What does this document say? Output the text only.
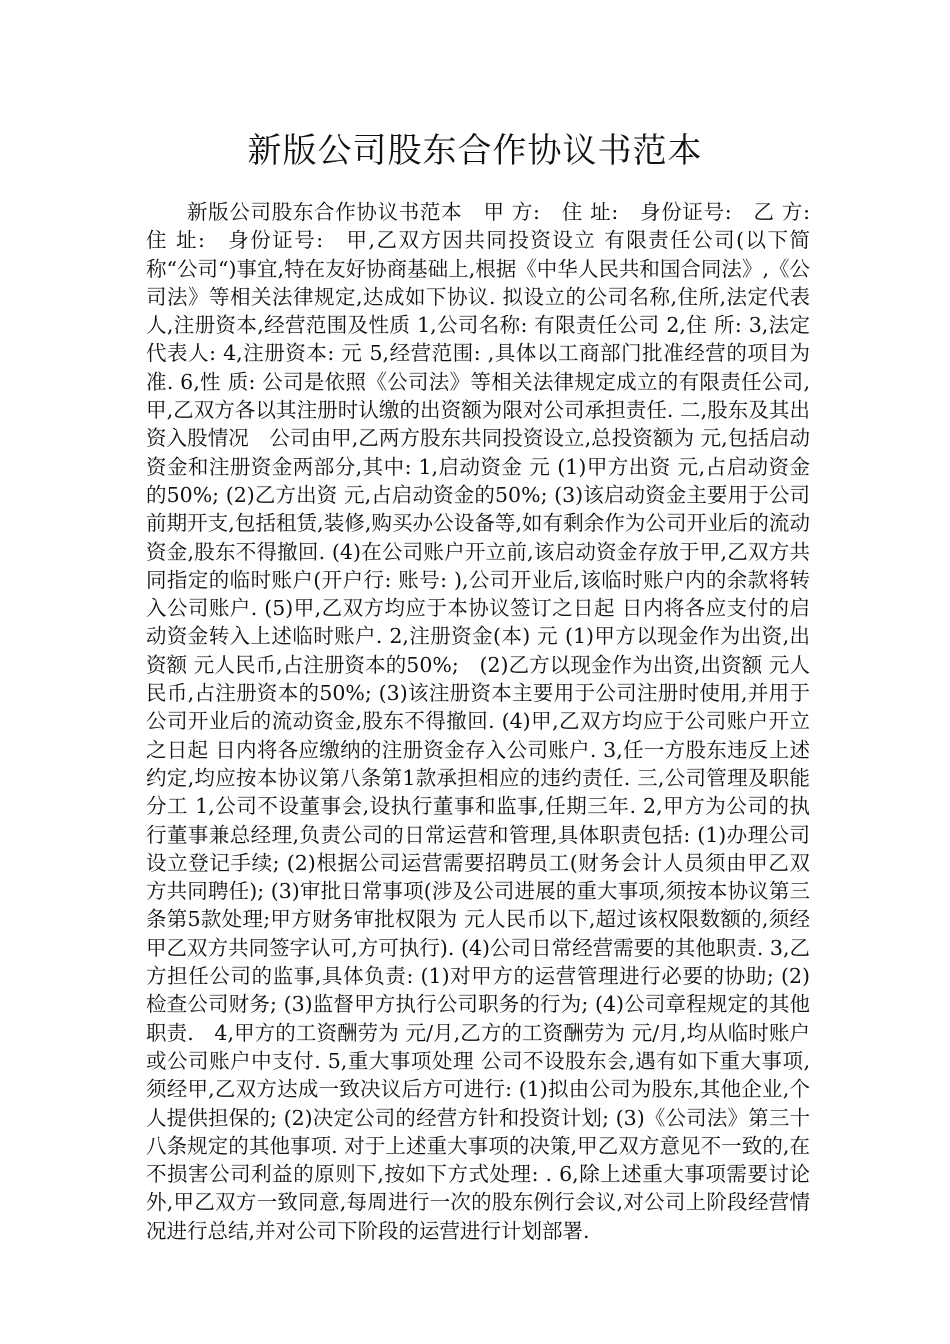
新版公司股东合作协议书范本

新版公司股东合作协议书范本　甲 方:　住 址:　身份证号:　乙 方:　住 址:　身份证号:　甲,乙双方因共同投资设立 有限责任公司(以下简称“公司“)事宜,特在友好协商基础上,根据《中华人民共和国合同法》,《公司法》等相关法律规定,达成如下协议. 拟设立的公司名称,住所,法定代表人,注册资本,经营范围及性质 1,公司名称: 有限责任公司 2,住 所: 3,法定代表人: 4,注册资本: 元 5,经营范围: ,具体以工商部门批准经营的项目为准. 6,性 质: 公司是依照《公司法》等相关法律规定成立的有限责任公司,甲,乙双方各以其注册时认缴的出资额为限对公司承担责任. 二,股东及其出资入股情况　公司由甲,乙两方股东共同投资设立,总投资额为 元,包括启动资金和注册资金两部分,其中: 1,启动资金 元 (1)甲方出资 元,占启动资金的50%; (2)乙方出资 元,占启动资金的50%; (3)该启动资金主要用于公司前期开支,包括租赁,装修,购买办公设备等,如有剩余作为公司开业后的流动资金,股东不得撤回. (4)在公司账户开立前,该启动资金存放于甲,乙双方共同指定的临时账户(开户行: 账号: ),公司开业后,该临时账户内的余款将转入公司账户. (5)甲,乙双方均应于本协议签订之日起 日内将各应支付的启动资金转入上述临时账户. 2,注册资金(本) 元 (1)甲方以现金作为出资,出资额 元人民币,占注册资本的50%;　(2)乙方以现金作为出资,出资额 元人民币,占注册资本的50%; (3)该注册资本主要用于公司注册时使用,并用于公司开业后的流动资金,股东不得撤回. (4)甲,乙双方均应于公司账户开立之日起 日内将各应缴纳的注册资金存入公司账户. 3,任一方股东违反上述约定,均应按本协议第八条第1款承担相应的违约责任. 三,公司管理及职能分工 1,公司不设董事会,设执行董事和监事,任期三年. 2,甲方为公司的执行董事兼总经理,负责公司的日常运营和管理,具体职责包括: (1)办理公司设立登记手续; (2)根据公司运营需要招聘员工(财务会计人员须由甲乙双方共同聘任); (3)审批日常事项(涉及公司进展的重大事项,须按本协议第三条第5款处理;甲方财务审批权限为 元人民币以下,超过该权限数额的,须经甲乙双方共同签字认可,方可执行). (4)公司日常经营需要的其他职责. 3,乙方担任公司的监事,具体负责: (1)对甲方的运营管理进行必要的协助; (2)检查公司财务; (3)监督甲方执行公司职务的行为; (4)公司章程规定的其他职责.　4,甲方的工资酬劳为 元/月,乙方的工资酬劳为 元/月,均从临时账户或公司账户中支付. 5,重大事项处理 公司不设股东会,遇有如下重大事项,须经甲,乙双方达成一致决议后方可进行: (1)拟由公司为股东,其他企业,个人提供担保的; (2)决定公司的经营方针和投资计划; (3)《公司法》第三十八条规定的其他事项. 对于上述重大事项的决策,甲乙双方意见不一致的,在不损害公司利益的原则下,按如下方式处理: . 6,除上述重大事项需要讨论外,甲乙双方一致同意,每周进行一次的股东例行会议,对公司上阶段经营情况进行总结,并对公司下阶段的运营进行计划部署.
